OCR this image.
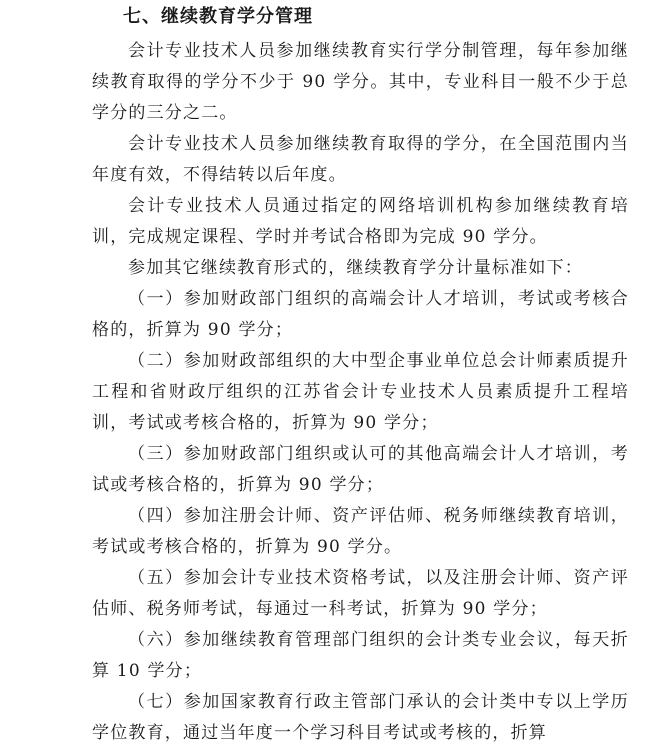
七、继续教育学分管理

会计专业技术人员参加继续教育实行学分制管理，每年参加继续教育取得的学分不少于 90 学分。其中，专业科目一般不少于总学分的三分之二。

会计专业技术人员参加继续教育取得的学分，在全国范围内当年度有效，不得结转以后年度。

会计专业技术人员通过指定的网络培训机构参加继续教育培训，完成规定课程、学时并考试合格即为完成 90 学分。

参加其它继续教育形式的，继续教育学分计量标准如下：

（一）参加财政部门组织的高端会计人才培训，考试或考核合格的，折算为 90 学分；

（二）参加财政部组织的大中型企事业单位总会计师素质提升工程和省财政厅组织的江苏省会计专业技术人员素质提升工程培训，考试或考核合格的，折算为 90 学分；

（三）参加财政部门组织或认可的其他高端会计人才培训，考试或考核合格的，折算为 90 学分；

（四）参加注册会计师、资产评估师、税务师继续教育培训，考试或考核合格的，折算为 90 学分。

（五）参加会计专业技术资格考试，以及注册会计师、资产评估师、税务师考试，每通过一科考试，折算为 90 学分；

（六）参加继续教育管理部门组织的会计类专业会议，每天折算 10 学分；

（七）参加国家教育行政主管部门承认的会计类中专以上学历学位教育，通过当年度一个学习科目考试或考核的，折算
